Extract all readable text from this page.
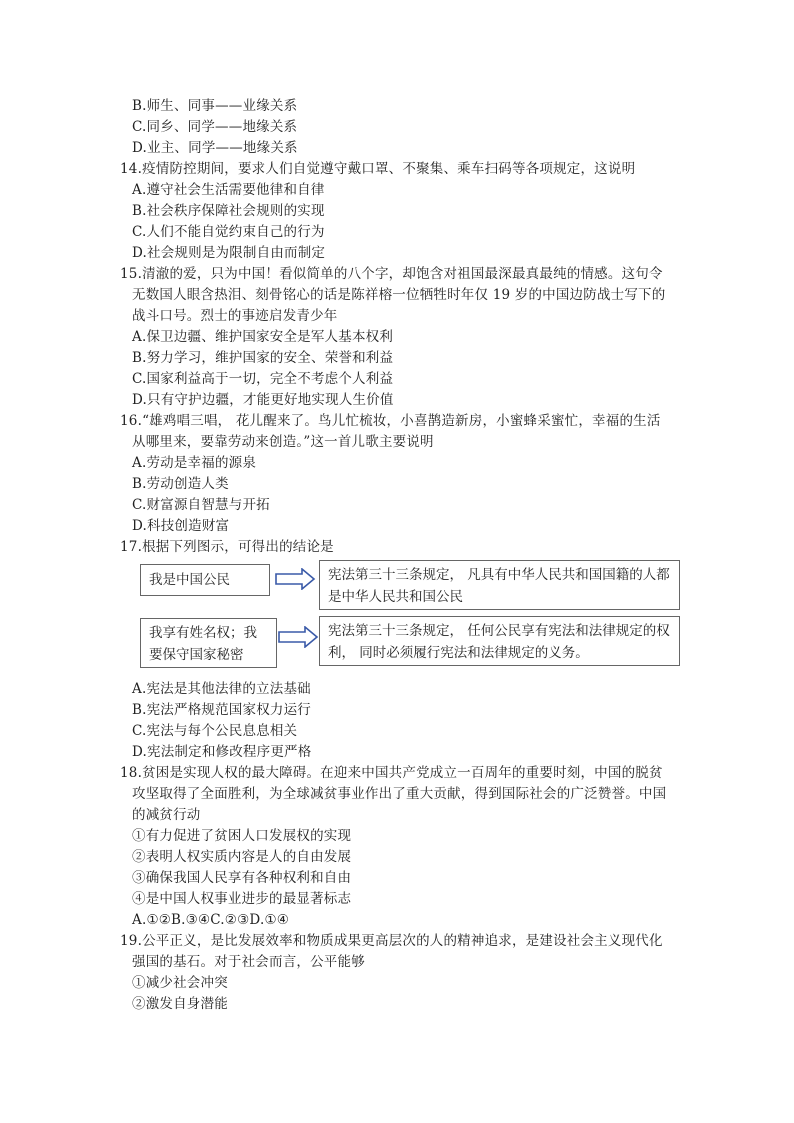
B.师生、同事——业缘关系
C.同乡、同学——地缘关系
D.业主、同学——地缘关系
14.疫情防控期间，要求人们自觉遵守戴口罩、不聚集、乘车扫码等各项规定，这说明
A.遵守社会生活需要他律和自律
B.社会秩序保障社会规则的实现
C.人们不能自觉约束自己的行为
D.社会规则是为限制自由而制定
15.清澈的爱，只为中国！看似简单的八个字，却饱含对祖国最深最真最纯的情感。这句令
无数国人眼含热泪、刻骨铭心的话是陈祥榕一位牺牲时年仅 19 岁的中国边防战士写下的
战斗口号。烈士的事迹启发青少年
A.保卫边疆、维护国家安全是军人基本权利
B.努力学习，维护国家的安全、荣誉和利益
C.国家利益高于一切，完全不考虑个人利益
D.只有守护边疆，才能更好地实现人生价值
16.“雄鸡唱三唱， 花儿醒来了。鸟儿忙梳妆，小喜鹊造新房，小蜜蜂采蜜忙，幸福的生活
从哪里来，要靠劳动来创造。”这一首儿歌主要说明
A.劳动是幸福的源泉
B.劳动创造人类
C.财富源自智慧与开拓
D.科技创造财富
17.根据下列图示，可得出的结论是
我是中国公民	宪法第三十三条规定， 凡具有中华人民共和国国籍的人都是中华人民共和国公民
我享有姓名权；我要保守国家秘密
宪法第三十三条规定， 任何公民享有宪法和法律规定的权利， 同时必须履行宪法和法律规定的义务。
A.宪法是其他法律的立法基础
B.宪法严格规范国家权力运行
C.宪法与每个公民息息相关
D.宪法制定和修改程序更严格
18.贫困是实现人权的最大障碍。在迎来中国共产党成立一百周年的重要时刻，中国的脱贫
攻坚取得了全面胜利，为全球减贫事业作出了重大贡献，得到国际社会的广泛赞誉。中国
的减贫行动
①有力促进了贫困人口发展权的实现
②表明人权实质内容是人的自由发展
③确保我国人民享有各种权利和自由
④是中国人权事业进步的最显著标志
A.①②B.③④C.②③D.①④
19.公平正义，是比发展效率和物质成果更高层次的人的精神追求，是建设社会主义现代化
强国的基石。对于社会而言，公平能够
①减少社会冲突
②激发自身潜能
